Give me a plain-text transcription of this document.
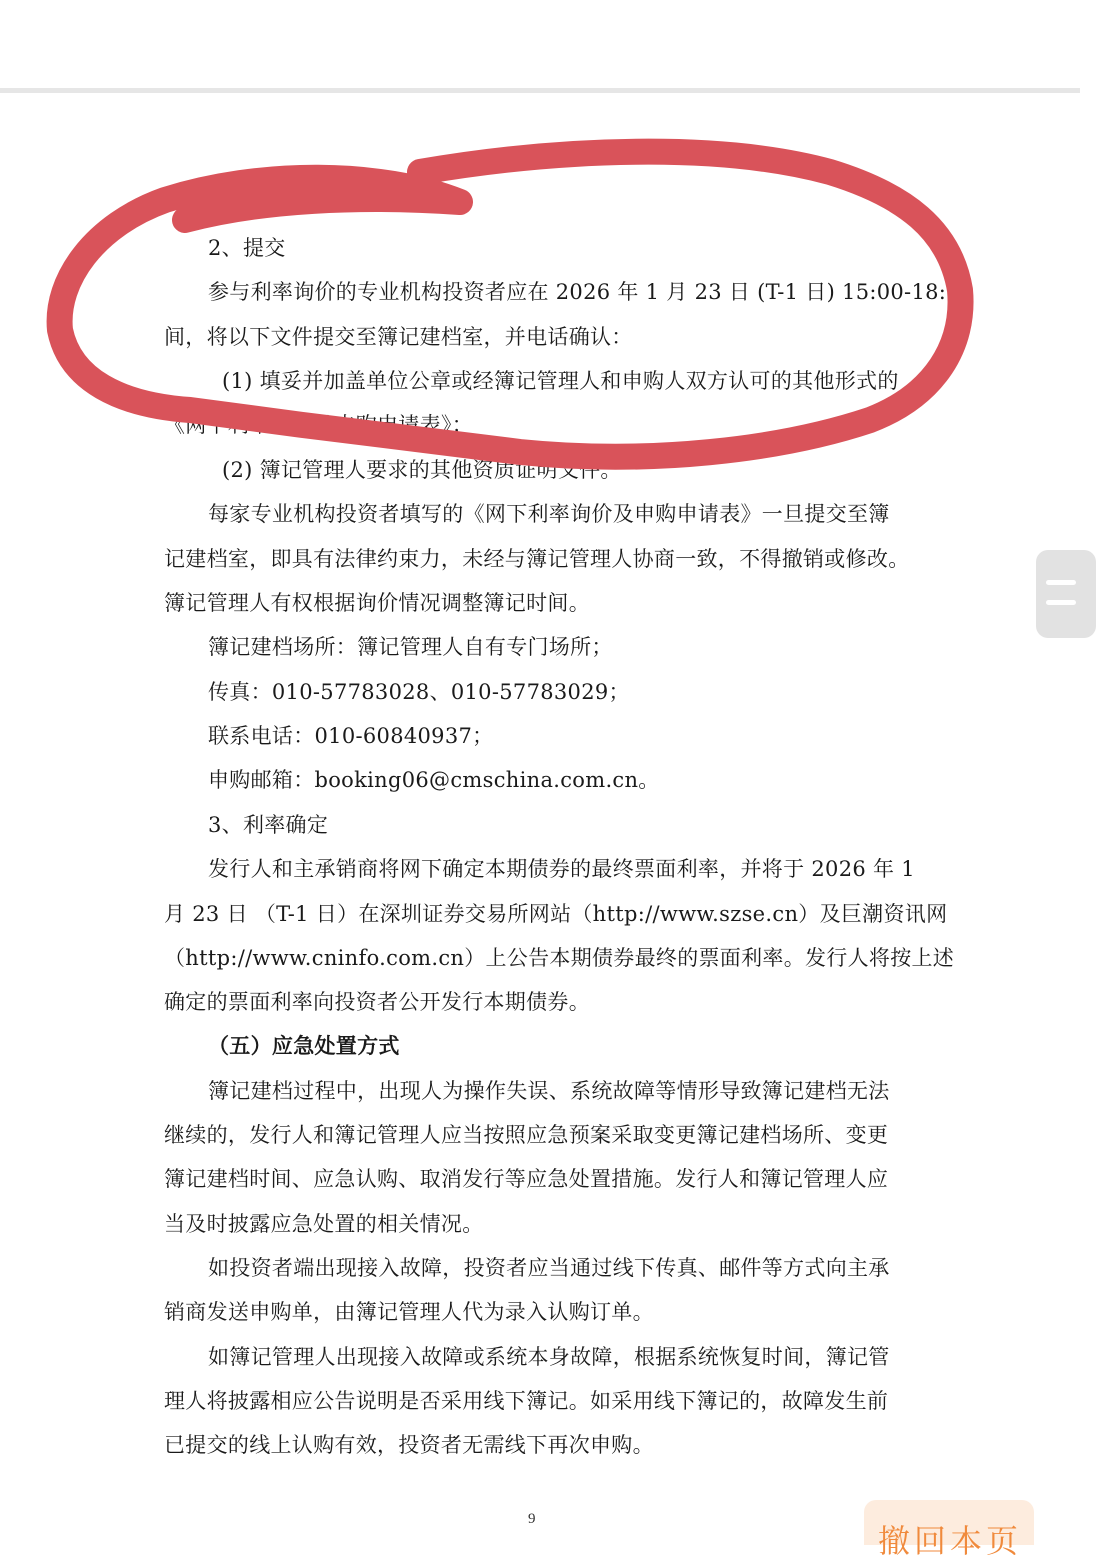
2、提交
参与利率询价的专业机构投资者应在 2026 年 1 月 23 日 (T-1 日) 15:00-18:00
间，将以下文件提交至簿记建档室，并电话确认：
(1) 填妥并加盖单位公章或经簿记管理人和申购人双方认可的其他形式的
《网下利率询价及申购申请表》；
(2) 簿记管理人要求的其他资质证明文件。
每家专业机构投资者填写的《网下利率询价及申购申请表》一旦提交至簿
记建档室，即具有法律约束力，未经与簿记管理人协商一致，不得撤销或修改。
簿记管理人有权根据询价情况调整簿记时间。
簿记建档场所：簿记管理人自有专门场所；
传真：010-57783028、010-57783029；
联系电话：010-60840937；
申购邮箱：booking06@cmschina.com.cn。
3、利率确定
发行人和主承销商将网下确定本期债券的最终票面利率，并将于 2026 年 1
月 23 日 （T-1 日）在深圳证券交易所网站（http://www.szse.cn）及巨潮资讯网
（http://www.cninfo.com.cn）上公告本期债券最终的票面利率。发行人将按上述
确定的票面利率向投资者公开发行本期债券。
（五）应急处置方式
簿记建档过程中，出现人为操作失误、系统故障等情形导致簿记建档无法
继续的，发行人和簿记管理人应当按照应急预案采取变更簿记建档场所、变更
簿记建档时间、应急认购、取消发行等应急处置措施。发行人和簿记管理人应
当及时披露应急处置的相关情况。
如投资者端出现接入故障，投资者应当通过线下传真、邮件等方式向主承
销商发送申购单，由簿记管理人代为录入认购订单。
如簿记管理人出现接入故障或系统本身故障，根据系统恢复时间，簿记管
理人将披露相应公告说明是否采用线下簿记。如采用线下簿记的，故障发生前
已提交的线上认购有效，投资者无需线下再次申购。
9
撤回本页
